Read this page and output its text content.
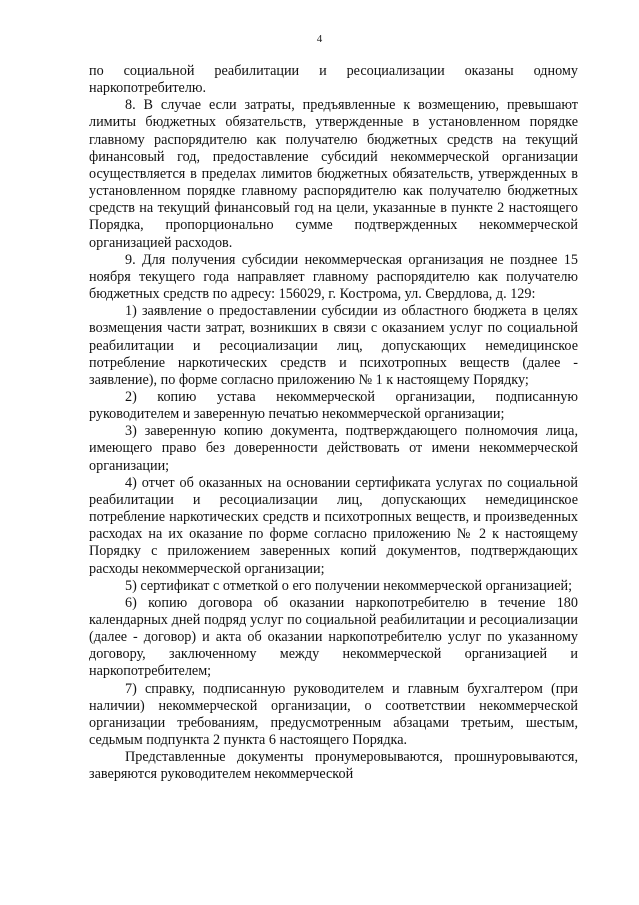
4

по социальной реабилитации и ресоциализации оказаны одному наркопотребителю.

8. В случае если затраты, предъявленные к возмещению, превышают лимиты бюджетных обязательств, утвержденные в установленном порядке главному распорядителю как получателю бюджетных средств на текущий финансовый год, предоставление субсидий некоммерческой организации осуществляется в пределах лимитов бюджетных обязательств, утвержденных в установленном порядке главному распорядителю как получателю бюджетных средств на текущий финансовый год на цели, указанные в пункте 2 настоящего Порядка, пропорционально сумме подтвержденных некоммерческой организацией расходов.

9. Для получения субсидии некоммерческая организация не позднее 15 ноября текущего года направляет главному распорядителю как получателю бюджетных средств по адресу: 156029, г. Кострома, ул. Свердлова, д. 129:

1) заявление о предоставлении субсидии из областного бюджета в целях возмещения части затрат, возникших в связи с оказанием услуг по социальной реабилитации и ресоциализации лиц, допускающих немедицинское потребление наркотических средств и психотропных веществ (далее - заявление), по форме согласно приложению № 1 к настоящему Порядку;

2) копию устава некоммерческой организации, подписанную руководителем и заверенную печатью некоммерческой организации;

3) заверенную копию документа, подтверждающего полномочия лица, имеющего право без доверенности действовать от имени некоммерческой организации;

4) отчет об оказанных на основании сертификата услугах по социальной реабилитации и ресоциализации лиц, допускающих немедицинское потребление наркотических средств и психотропных веществ, и произведенных расходах на их оказание по форме согласно приложению № 2 к настоящему Порядку с приложением заверенных копий документов, подтверждающих расходы некоммерческой организации;

5) сертификат с отметкой о его получении некоммерческой организацией;

6) копию договора об оказании наркопотребителю в течение 180 календарных дней подряд услуг по социальной реабилитации и ресоциализации (далее - договор) и акта об оказании наркопотребителю услуг по указанному договору, заключенному между некоммерческой организацией и наркопотребителем;

7) справку, подписанную руководителем и главным бухгалтером (при наличии) некоммерческой организации, о соответствии некоммерческой организации требованиям, предусмотренным абзацами третьим, шестым, седьмым подпункта 2 пункта 6 настоящего Порядка.

Представленные документы пронумеровываются, прошнуровываются, заверяются руководителем некоммерческой
